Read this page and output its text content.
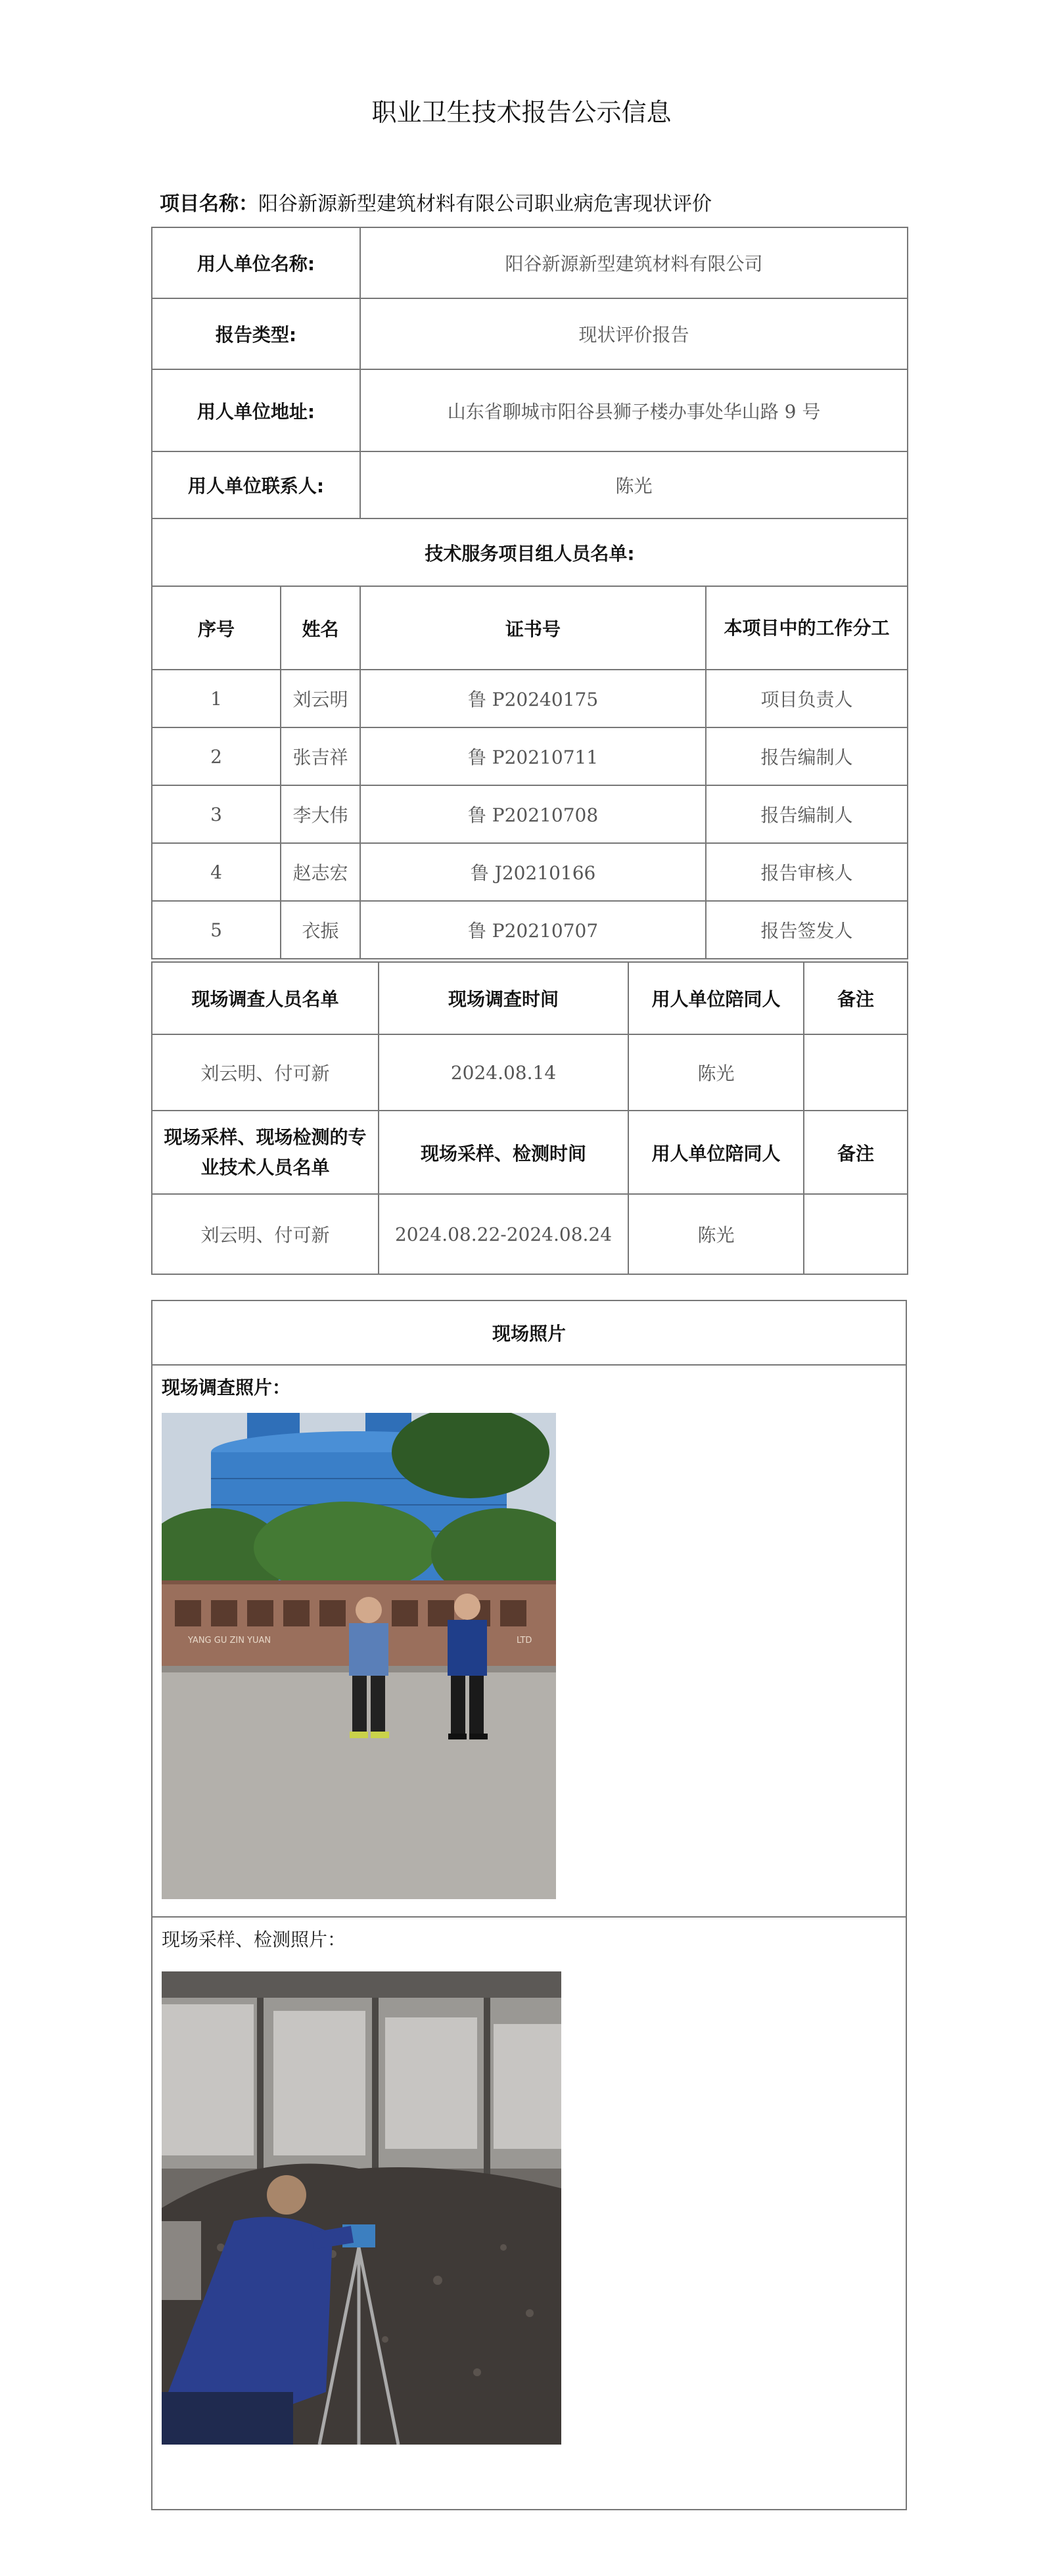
职业卫生技术报告公示信息
项目名称：阳谷新源新型建筑材料有限公司职业病危害现状评价
用人单位名称:		阳谷新源新型建筑材料有限公司	
报告类型:		现状评价报告	
用人单位地址:		山东省聊城市阳谷县狮子楼办事处华山路 9 号	
用人单位联系人:		陈光	
技术服务项目组人员名单:			
序号	姓名	证书号	本项目中的工作分工
1	刘云明	鲁 P20240175	项目负责人
2	张吉祥	鲁 P20210711	报告编制人
3	李大伟	鲁 P20210708	报告编制人
4	赵志宏	鲁 J20210166	报告审核人
5	衣振	鲁 P20210707	报告签发人
现场调查人员名单	现场调查时间	用人单位陪同人	备注
刘云明、付可新	2024.08.14	陈光	
现场采样、现场检测的专业技术人员名单	现场采样、检测时间	用人单位陪同人	备注
刘云明、付可新	2024.08.22-2024.08.24	陈光	
现场照片
现场调查照片：
YANG GU ZIN YUAN	LTD
现场采样、检测照片：
